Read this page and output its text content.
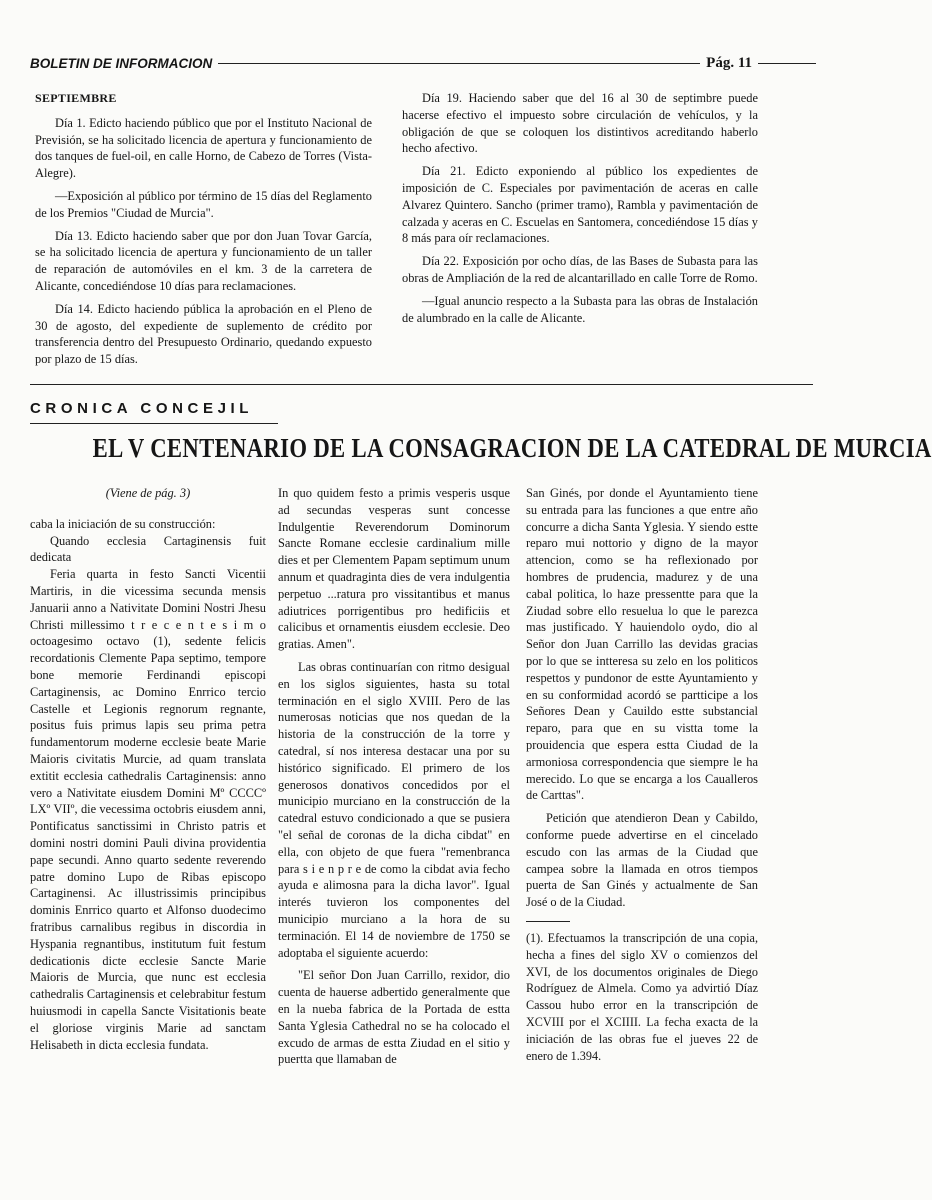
BOLETIN DE INFORMACION	Pág. 11
SEPTIEMBRE

Día 1. Edicto haciendo público que por el Instituto Nacional de Previsión, se ha solicitado licencia de apertura y funcionamiento de dos tanques de fuel-oil, en calle Horno, de Cabezo de Torres (Vista-Alegre).

—Exposición al público por término de 15 días del Reglamento de los Premios "Ciudad de Murcia".

Día 13. Edicto haciendo saber que por don Juan Tovar García, se ha solicitado licencia de apertura y funcionamiento de un taller de reparación de automóviles en el km. 3 de la carretera de Alicante, concediéndose 10 días para reclamaciones.

Día 14. Edicto haciendo pública la aprobación en el Pleno de 30 de agosto, del expediente de suplemento de crédito por transferencia dentro del Presupuesto Ordinario, quedando expuesto por plazo de 15 días.

Día 19. Haciendo saber que del 16 al 30 de septimbre puede hacerse efectivo el impuesto sobre circulación de vehículos, y la obligación de que se coloquen los distintivos acreditando haberlo hecho afectivo.

Día 21. Edicto exponiendo al público los expedientes de imposición de C. Especiales por pavimentación de aceras en calle Alvarez Quintero. Sancho (primer tramo), Rambla y pavimentación de calzada y aceras en C. Escuelas en Santomera, concediéndose 15 días y 8 más para oír reclamaciones.

Día 22. Exposición por ocho días, de las Bases de Subasta para las obras de Ampliación de la red de alcantarillado en calle Torre de Romo.

—Igual anuncio respecto a la Subasta para las obras de Instalación de alumbrado en la calle de Alicante.

CRONICA CONCEJIL
EL V CENTENARIO DE LA CONSAGRACION DE LA CATEDRAL DE MURCIA

(Viene de pág. 3)

caba la iniciación de su construcción:

Quando ecclesia Cartaginensis fuit dedicata

Feria quarta in festo Sancti Vicentii Martiris, in die vicessima secunda mensis Januarii anno a Nativitate Domini Nostri Jhesu Christi millessimo t r e c e n t e s i m o octoagesimo octavo (1), sedente felicis recordationis Clemente Papa septimo, tempore bone memorie Ferdinandi episcopi Cartaginensis, ac Domino Enrrico tercio Castelle et Legionis regnorum regnante, positus fuis primus lapis seu prima petra fundamentorum moderne ecclesie beate Marie Maioris civitatis Murcie, ad quam translata extitit ecclesia cathedralis Cartaginensis: anno vero a Nativitate eiusdem Domini Mº CCCCº LXº VIIº, die vecessima octobris eiusdem anni, Pontificatus sanctissimi in Christo patris et domini nostri domini Pauli divina providentia pape secundi. Anno quarto sedente reverendo patre domino Lupo de Ribas episcopo Cartaginensi. Ac illustrissimis principibus dominis Enrrico quarto et Alfonso duodecimo fratribus carnalibus regibus in discordia in Hyspania regnantibus, institutum fuit festum dedicationis dicte ecclesie Sancte Marie Maioris de Murcia, que nunc est ecclesia cathedralis Cartaginensis et celebrabitur festum huiusmodi in capella Sancte Visitationis beate el gloriose virginis Marie ad sanctam Helisabeth in dicta ecclesia fundata.

In quo quidem festo a primis vesperis usque ad secundas vesperas sunt concesse Indulgentie Reverendorum Dominorum Sancte Romane ecclesie cardinalium mille dies et per Clementem Papam septimum unum annum et quadraginta dies de vera indulgentia perpetuo ...ratura pro vissitantibus et manus adiutrices porrigentibus pro hedificiis et calicibus et ornamentis eiusdem ecclesie. Deo gratias. Amen".

Las obras continuarían con ritmo desigual en los siglos siguientes, hasta su total terminación en el siglo XVIII. Pero de las numerosas noticias que nos quedan de la historia de la construcción de la torre y catedral, sí nos interesa destacar una por su histórico significado. El primero de los generosos donativos concedidos por el municipio murciano en la construcción de la catedral estuvo condicionado a que se pusiera "el señal de coronas de la dicha cibdat" en ella, con objeto de que fuera "remenbranca para s i e n p r e de como la cibdat avia fecho ayuda e alimosna para la dicha lavor". Igual interés tuvieron los componentes del municipio murciano a la hora de su terminación. El 14 de noviembre de 1750 se adoptaba el siguiente acuerdo:

"El señor Don Juan Carrillo, rexidor, dio cuenta de hauerse adbertido generalmente que en la nueba fabrica de la Portada de estta Santa Yglesia Cathedral no se ha colocado el excudo de armas de estta Ziudad en el sitio y puertta que llamaban de

San Ginés, por donde el Ayuntamiento tiene su entrada para las funciones a que entre año concurre a dicha Santa Yglesia. Y siendo estte reparo mui nottorio y digno de la mayor attencion, como se ha reflexionado por hombres de prudencia, madurez y de una cabal politica, lo haze pressentte para que la Ziudad sobre ello resuelua lo que le parezca mas justificado. Y hauiendolo oydo, dio al Señor don Juan Carrillo las devidas gracias por lo que se intteresa su zelo en los politicos respettos y pundonor de estte Ayuntamiento y en su conformidad acordó se partticipe a los Señores Dean y Cauildo estte substancial reparo, para que en su vistta tome la prouidencia que espera estta Ciudad de la armoniosa correspondencia que siempre le ha merecido. Lo que se encarga a los Caualleros de Carttas".

Petición que atendieron Dean y Cabildo, conforme puede advertirse en el cincelado escudo con las armas de la Ciudad que campea sobre la llamada en otros tiempos puerta de San Ginés y actualmente de San José o de la Ciudad.

(1). Efectuamos la transcripción de una copia, hecha a fines del siglo XV o comienzos del XVI, de los documentos originales de Diego Rodríguez de Almela. Como ya advirtió Díaz Cassou hubo error en la transcripción de XCVIII por el XCIIII. La fecha exacta de la iniciación de las obras fue el jueves 22 de enero de 1.394.
